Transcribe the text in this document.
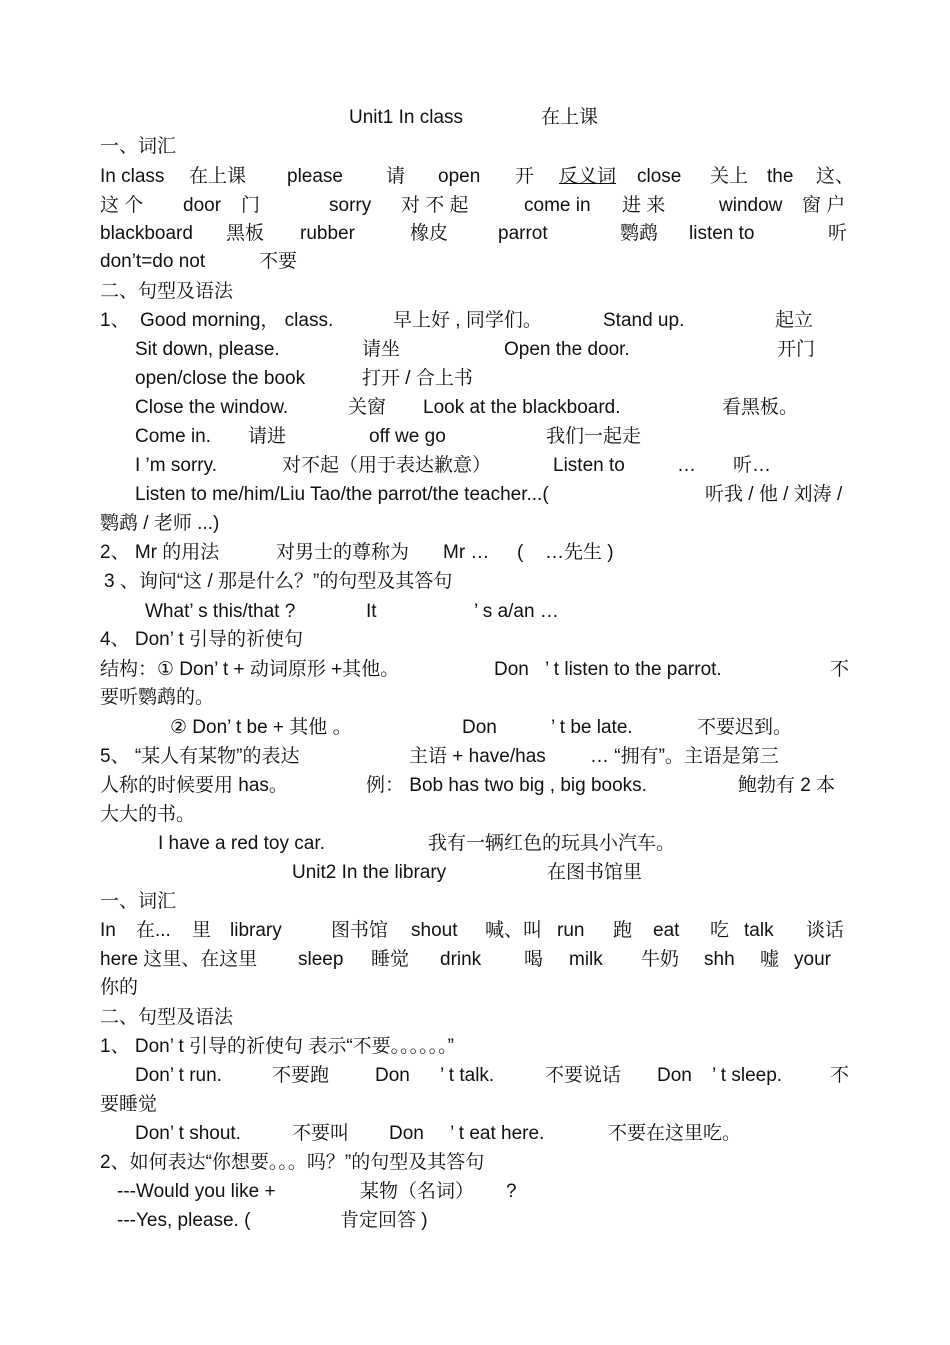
Unit1 In class	在上课
一、词汇
In class 在上课 please 请 open 开 反义词	close 关上 the 这、
这 个 door 门	sorry 对 不 起	come in 进 来	window 窗 户
blackboard 黑板 rubber	橡皮	parrot	鹦鹉 listen to	听
don’t=do not	不要
二、句型及语法
1、 Good morning， class.	早上好 , 同学们。	Stand up.	起立
Sit down, please.	请坐	Open the door.	开门
open/close the book	打开 / 合上书
Close the window.	关窗 Look at the blackboard.	看黑板。
Come in. 请进	off we go	我们一起走
I ’m sorry.	对不起（用于表达歉意）	Listen to	… 听…
Listen to me/him/Liu Tao/the parrot/the teacher...(	听我 / 他 / 刘涛 /
鹦鹉 / 老师 ...)
2、 Mr 的用法	对男士的尊称为 Mr … ( …先生 )
3 、询问“这 / 那是什么？”的句型及其答句
What’ s this/that ?	It	’ s a/an …
4、 Don’ t 引导的祈使句
结构：① Don’ t + 动词原形 +其他。	Don ’ t listen to the parrot.	不
要听鹦鹉的。
② Don’ t be + 其他 。	Don	’ t be late.	不要迟到。
5、 “某人有某物”的表达	主语 + have/has … “拥有”。主语是第三
人称的时候要用 has。	例： Bob has two big , big books.	鲍勃有 2 本
大大的书。
I have a red toy car.	我有一辆红色的玩具小汽车。
Unit2 In the library	在图书馆里
一、词汇
In 在... 里 library	图书馆 shout 喊、叫 run 跑 eat 吃 talk 谈话
here 这里、在这里 sleep 睡觉 drink 喝 milk 牛奶 shh 嘘 your
你的
二、句型及语法
1、 Don’ t 引导的祈使句 表示“不要。。。。。。”
Don’ t run.	不要跑 Don ’ t talk.	不要说话 Don ’ t sleep.	不
要睡觉
Don’ t shout.	不要叫 Don ’ t eat here.	不要在这里吃。
2、如何表达“你想要。。。吗？”的句型及其答句
---Would you like +	某物（名词） ?
---Yes, please. (	肯定回答 )
